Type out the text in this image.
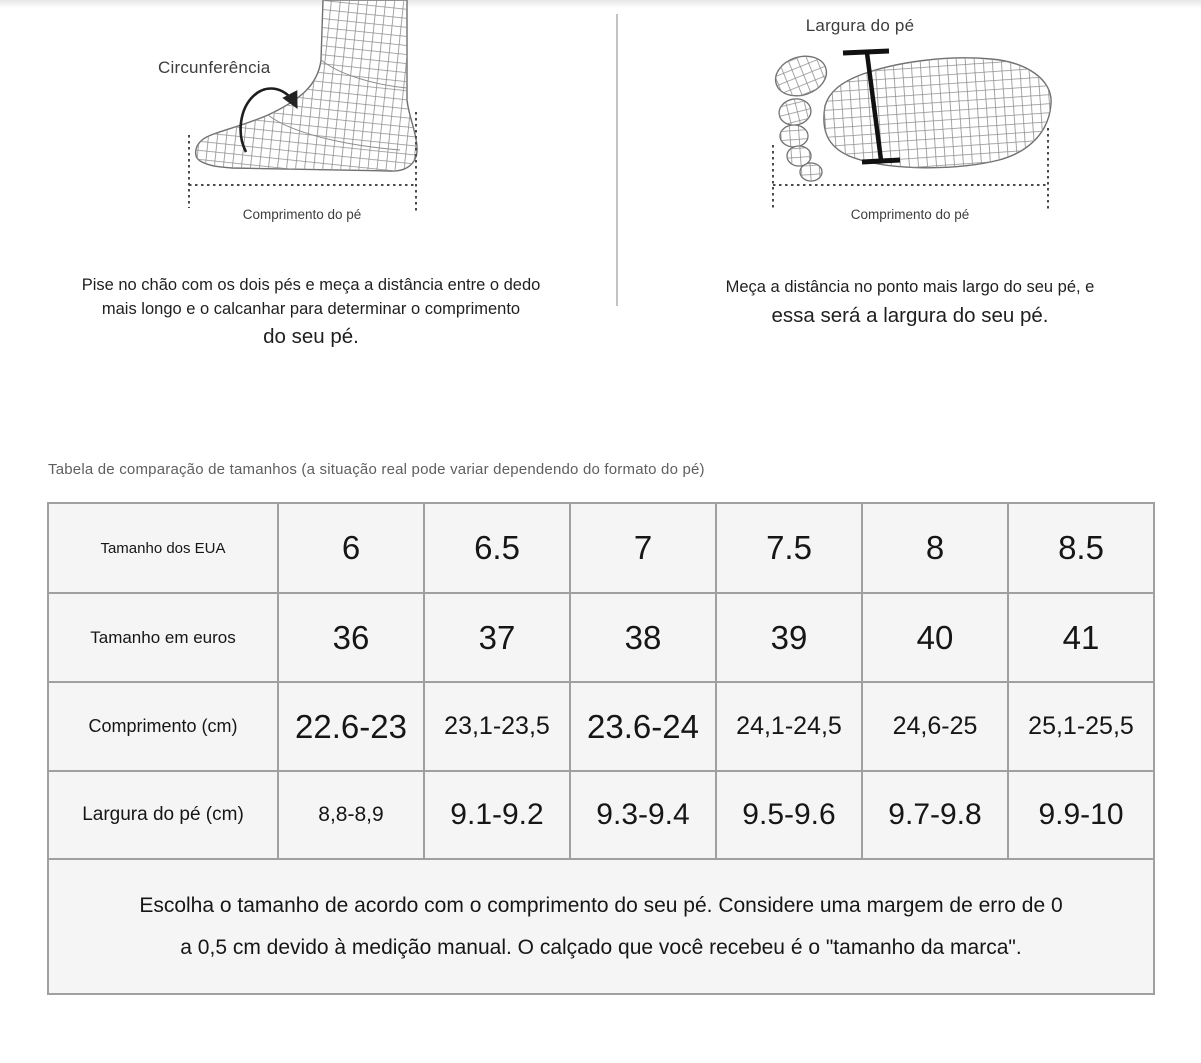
Circunferência
Comprimento do pé
Largura do pé
Comprimento do pé
Pise no chão com os dois pés e meça a distância entre o dedo
mais longo e o calcanhar para determinar o comprimento
do seu pé.
Meça a distância no ponto mais largo do seu pé, e
essa será a largura do seu pé.
Tabela de comparação de tamanhos (a situação real pode variar dependendo do formato do pé)
Tamanho dos EUA	6	6.5	7	7.5	8	8.5
Tamanho em euros	36	37	38	39	40	41
Comprimento (cm)	22.6-23	23,1-23,5	23.6-24	24,1-24,5	24,6-25	25,1-25,5
Largura do pé (cm)	8,8-8,9	9.1-9.2	9.3-9.4	9.5-9.6	9.7-9.8	9.9-10

Escolha o tamanho de acordo com o comprimento do seu pé. Considere uma margem de erro de 0
a 0,5 cm devido à medição manual. O calçado que você recebeu é o "tamanho da marca".						
